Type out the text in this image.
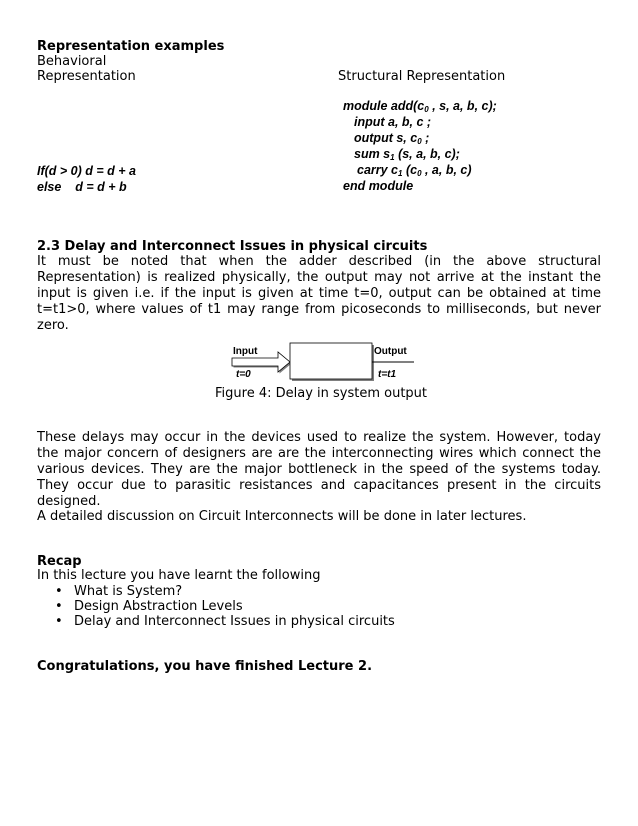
Representation examples
Behavioral
Representation	Structural Representation
module $add(c_0$ , s, a, b, c);
input a, b, c ;
output s, $c_0$ ;
sum $s_1$ (s, a, b, c);
carry $c_1$ ($c_0$ , a, b, c)
end module
If(d > 0) d = d + a
else    d = d + b
2.3 Delay and Interconnect Issues in physical circuits
It must be noted that when the adder described (in the above structural Representation) is realized physically, the output may not arrive at the instant the input is given i.e. if the input is given at time t=0, output can be obtained at time t=t1>0, where values of t1 may range from picoseconds to milliseconds, but never zero.
Input	Output
t=0	t=t1
Figure 4: Delay in system output
These delays may occur in the devices used to realize the system. However, today the major concern of designers are are the interconnecting wires which connect the various devices. They are the major bottleneck in the speed of the systems today. They occur due to parasitic resistances and capacitances present in the circuits designed.
A detailed discussion on Circuit Interconnects will be done in later lectures.
Recap
In this lecture you have learnt the following
• What is System?
• Design Abstraction Levels
• Delay and Interconnect Issues in physical circuits
Congratulations, you have finished Lecture 2.
